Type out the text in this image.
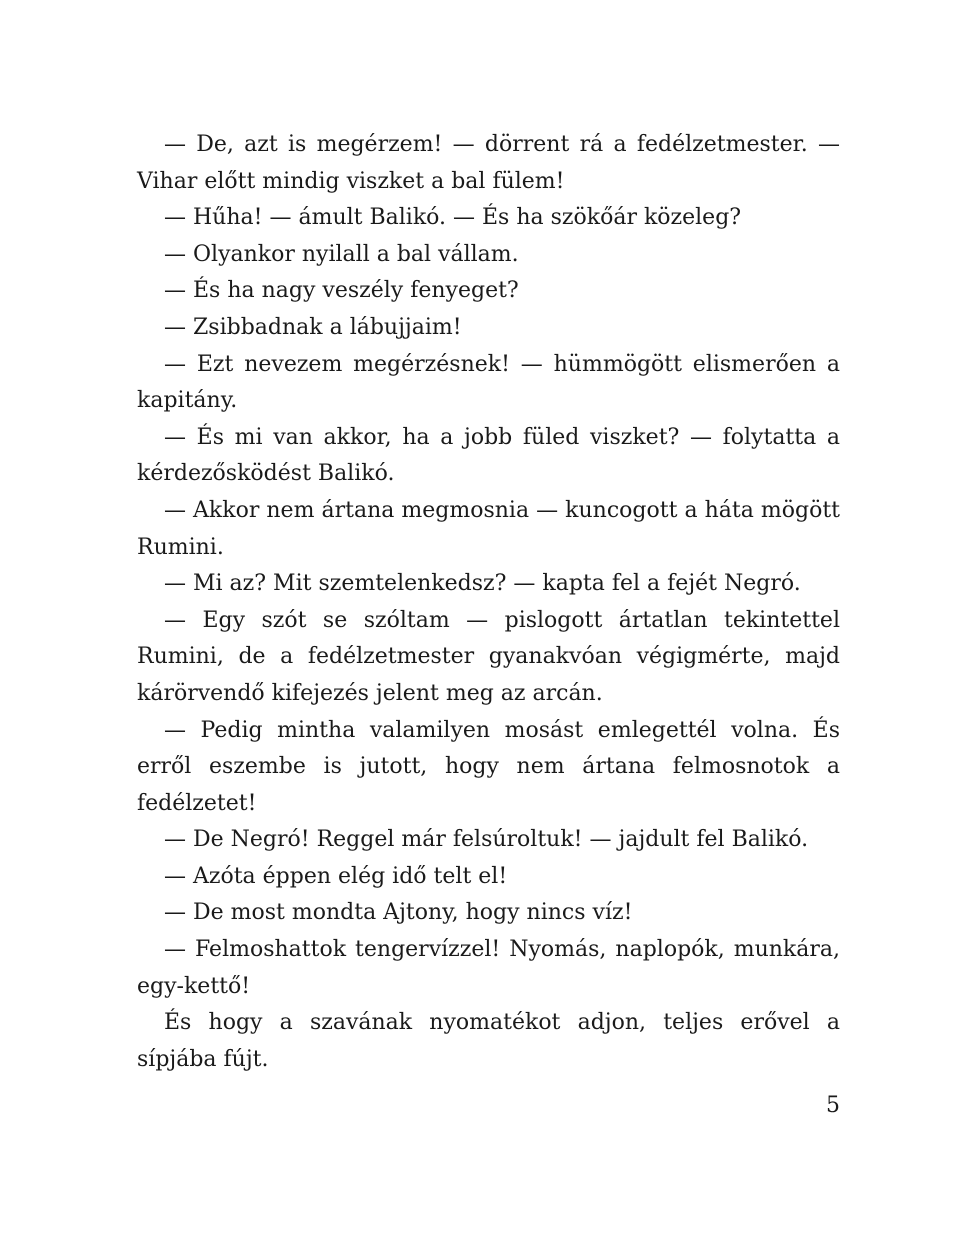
— De, azt is megérzem! — dörrent rá a fedélzetmester. — Vihar előtt mindig viszket a bal fülem!

— Hűha! — ámult Balikó. — És ha szökőár közeleg?

— Olyankor nyilall a bal vállam.

— És ha nagy veszély fenyeget?

— Zsibbadnak a lábujjaim!

— Ezt nevezem megérzésnek! — hümmögött elismerően a kapitány.

— És mi van akkor, ha a jobb füled viszket? — folytatta a kérdezősködést Balikó.

— Akkor nem ártana megmosnia — kuncogott a háta mögött Rumini.

— Mi az? Mit szemtelenkedsz? — kapta fel a fejét Negró.

— Egy szót se szóltam — pislogott ártatlan tekintettel Rumini, de a fedélzetmester gyanakvóan végigmérte, majd kárörvendő kifejezés jelent meg az arcán.

— Pedig mintha valamilyen mosást emlegettél volna. És erről eszembe is jutott, hogy nem ártana felmosnotok a fedélzetet!

— De Negró! Reggel már felsúroltuk! — jajdult fel Balikó.

— Azóta éppen elég idő telt el!

— De most mondta Ajtony, hogy nincs víz!

— Felmoshattok tengervízzel! Nyomás, naplopók, munkára, egy-kettő!

És hogy a szavának nyomatékot adjon, teljes erővel a sípjába fújt.

5
